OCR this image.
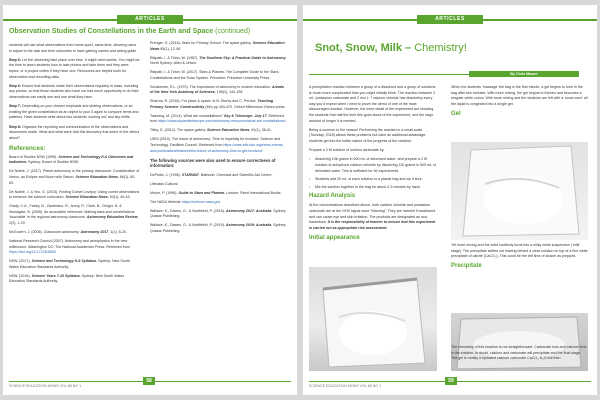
ARTICLES
Observation Studies of Constellations in the Earth and Space (continued)

students will use what observations from home-sport, same-time, allowing users to adjust to the task and their outcomes to have gaining names and acting guide.

Step 6: Let the observing take place over time. It might need weeks. You might be the time to teach students how to take photos and take them and they were topics, or a project unites if they have one. Resources are helpful tools for observation and recording data.

Step 6: Ensure that students share their observations regularly in class, including any photos, so that those students who have not had much opportunity to do their observations can easily see and use what they have.

Step 7: Depending on your chosen emphasis and sharing observations, or an existing the given constellation as an object to your 5 again to compare items and patterns. Have students write about two students ‘coming out’ and sky shifts.

Step 8: Organise the reporting and communication of the observations and discoveries made. What and what were that this discovery that some of the others about?

References:
Board of Studies NSW (1996). Science and Technology K-6 Outcomes and Indicators. Sydney: Board of Studies NSW.
De Nobile, J. (2017). Planet astronomy in the primary classroom: Consideration of Venus, an Eclipse and Moon with Saturn. Science Education News, 66(1), 60-63.
De Nobile, J. & Yeo, G. (2015). Finding Comet Lovejoy: Using comet observations to enhance the science curriculum. Science Education News, 64(1), 40-43.
Grady, C.A., Farley, N., Zambrano, R., Avery, P., Clark, B., Geiger, N. & Woodgate, B. (2005). An accessible reference: Making stars and constellations ‘touchable’ in the regional astronomy classroom. Astronomy Education Review, 2(2), 1-19.
McGovern, J. (2006). Classroom astronomy. Astronomy 2017, 1(1), 8-20.
National Research Council (2007). Astronomy and astrophysics in the new millennium. Washington DC: The National Academies Press. Retrieved from https://doi.org/10.17226/9839
NSW. (2017). Science and Technology K-6 Syllabus. Sydney: New South Wales Education Standards Authority.
NSW. (2016). Science Years 7-10 Syllabus. Sydney: New South Wales Education Standards Authority.
Prenger, G. (2016). Stars for Primary School: The space gallery. Science Education News 65(1), 12-08.
Ridpath, I. & Tirion, W. (1987). The Southern Sky: A Practical Guide to Astronomy. North Sydney: Allen & Unwin.
Ridpath, I. & Tirion, W. (2017). Stars & Planets: The Complete Guide to the Stars, Constellations and the Solar System. Princeton: Princeton University Press.
Schatzman, E.L. (1970). The importance of astronomy in modern education. Annals of the New York Academy of Sciences, 198(1), 144-158.
Sharma, R. (2018). For place & space: Is N. Storey and C. Perdue, Teaching Primary Science: Constructivity (4th) pp 434-479. Oxford Millennium Oxford press.
Twinning, M. (2014). What are constellations? Sky & Telescope. July 17. Retrieved from https://www.skyandtelescope.com/astronomy-resources/what-are-constellations/
Tilley, D. (2012). The space gallery. Science Education News, 61(1), 38-41.
UNSI (2019). The future of astronomy: Time to hopefully be involved. Science and Technology. Facilities Council. Retrieved from https://www.stfc.ukri.org/news-events-and-publications/features/the-future-of-astronomy-time-to-get-involved/
The following sources were also used to ensure correctness of information:
DePolito, J. (1996). STARWAT. Bathurst: Chemical and Scientific Aid Centre.
Lifeclass Cultural.
Moore, P. (1996). Guide to Stars and Planets. London: Reed International Books.
The NASA Website https://science.nasa.gov
Wallace, K., Dawes, G., & Northfield, P. (2016). Astronomy 2017: Australia. Sydney: Quasar Publishing.
Wallace, K., Dawes, G., & Northfield, P. (2019). Astronomy 2019: Australia. Sydney: Quasar Publishing.
58
SCIENCE EDUCATION NEWS VOL 68 NO 1
ARTICLES
Snot, Snow, Milk – Chemistry!
By Chris Mason

A precipitation reaction between a group of a dissolved and a group of solutions is much more complicated than you might initially think. The reaction between 2 mL ’potassium carbonate and 2 mol L⁻¹ calcium chloride has absolutely every way you’d expect when I went to prove the demo of one of the most discouraged reaction. However, the more detail of the experiment are showing the students that half the time this goes about of the experiment, and the large amount of longer it is needed.

Being a summer to the reason! Performing the reaction in a small-scale (Tuesday, 2018) allows these problems but have an additional advantage: students get into the bottle nature of the progress of the reaction.

Prepare a 2 M solution of sodium carbonate by:

• dissolving 106 grams in 500 mL of deionised water; and prepare a 2 M solution of anhydrous calcium chloride by dissolving 110 grams in 500 mL of deionised water. This is sufficient for 50 experiments.
• Students add 20 mL of each solution to a plastic bag and zip it shut.
• Mix the solution together in the bag for about 2-3 minutes by hand.
Hazard Analysis

At the concentrations described above, both calcium chloride and potassium carbonate are at the GHS signal word “Warning”. They are harmful if swallowed and can cause eye and skin irritation. The products are designated as non-hazardous. It is the responsibility of teacher to ensure that this experiment is carried out as appropriate risk assessment.

Initial appearance

When the students ‘massage’ the bag in the first minute, a gel begins to form in the bag after two minutes. With more mixing, the gel begins to thicken and becomes a singular white colour. With more mixing and the students are left with a ‘snow cone’ all the liquid is congealed into a single gel.

Gel

Yet more mixing and the solid suddenly turns into a milky white suspension (‘milk’ stage). The precipitate settles out leaving behind a clear solution on top of a fine white precipitate of calcite (CaCO₃). This could be the left time of shaker as prepped.

Precipitate

The chemistry of this reaction is not straightforward. Carbonate ions and calcium ions in the solution, in doubt, calcium and carbonate will precipitate and the final stage. The gel is mostly a hydrated calcium carbonate CaCO₃·H₂O but then

59
SCIENCE EDUCATION NEWS VOL 68 NO 1
